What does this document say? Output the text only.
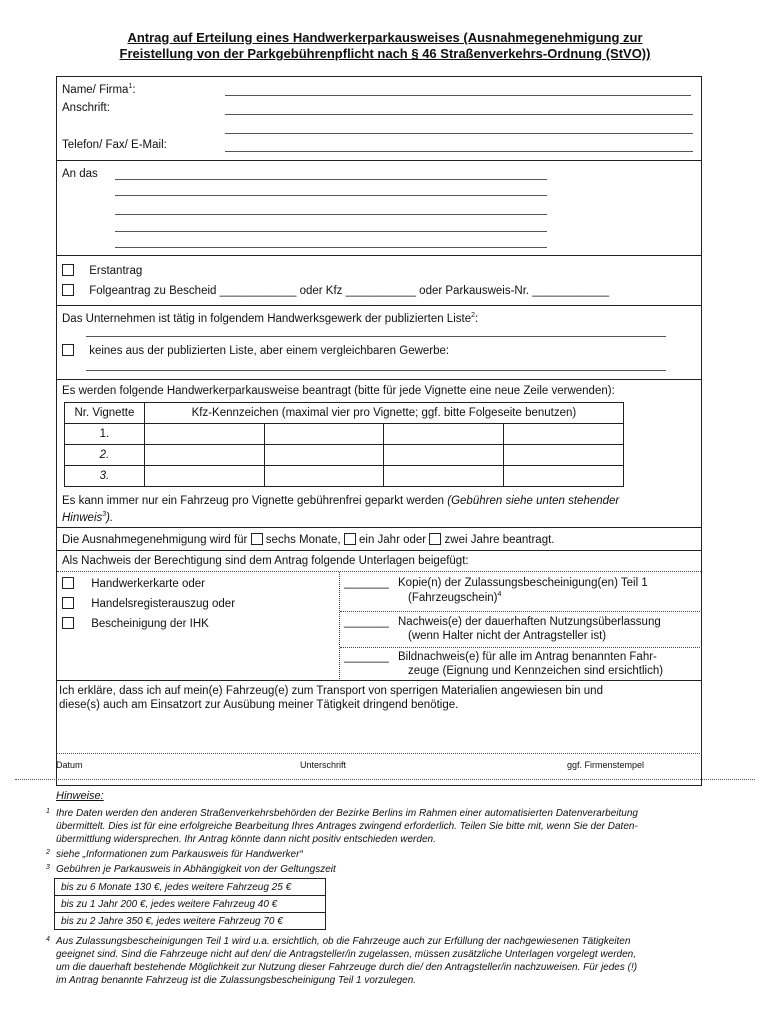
Antrag auf Erteilung eines Handwerkerparkausweises (Ausnahmegenehmigung zur
Freistellung von der Parkgebührenpflicht nach § 46 Straßenverkehrs-Ordnung (StVO))
Name/ Firma$^1$:
Anschrift:
Telefon/ Fax/ E-Mail:
An das
Erstantrag
Folgeantrag zu Bescheid ____________ oder Kfz ___________ oder Parkausweis-Nr. ____________
Das Unternehmen ist tätig in folgendem Handwerksgewerk der publizierten Liste$^2$:
keines aus der publizierten Liste, aber einem vergleichbaren Gewerbe:
Es werden folgende Handwerkerparkausweise beantragt (bitte für jede Vignette eine neue Zeile verwenden):
Nr. Vignette	Kfz-Kennzeichen (maximal vier pro Vignette; ggf. bitte Folgeseite benutzen)			
1.				
2.				
3.				
Es kann immer nur ein Fahrzeug pro Vignette gebührenfrei geparkt werden (Gebühren siehe unten stehender
Hinweis$^3$).
Die Ausnahmegenehmigung wird für sechs Monate, ein Jahr oder zwei Jahre beantragt.
Als Nachweis der Berechtigung sind dem Antrag folgende Unterlagen beigefügt:
Handwerkerkarte oder
Handelsregisterauszug oder
Bescheinigung der IHK
_______ Kopie(n) der Zulassungsbescheinigung(en) Teil 1
(Fahrzeugschein)$^4$
_______ Nachweis(e) der dauerhaften Nutzungsüberlassung
(wenn Halter nicht der Antragsteller ist)
_______ Bildnachweis(e) für alle im Antrag benannten Fahr-
zeuge (Eignung und Kennzeichen sind ersichtlich)
Ich erkläre, dass ich auf mein(e) Fahrzeug(e) zum Transport von sperrigen Materialien angewiesen bin und
diese(s) auch am Einsatzort zur Ausübung meiner Tätigkeit dringend benötige.
Datum	Unterschrift	ggf. Firmenstempel
Hinweise:
1 Ihre Daten werden den anderen Straßenverkehrsbehörden der Bezirke Berlins im Rahmen einer automatisierten Datenverarbeitung
übermittelt. Dies ist für eine erfolgreiche Bearbeitung Ihres Antrages zwingend erforderlich. Teilen Sie bitte mit, wenn Sie der Daten-
übermittlung widersprechen. Ihr Antrag könnte dann nicht positiv entschieden werden.
2 siehe „Informationen zum Parkausweis für Handwerker“
3 Gebühren je Parkausweis in Abhängigkeit von der Geltungszeit
bis zu 6 Monate 130 €, jedes weitere Fahrzeug 25 €
bis zu 1 Jahr 200 €, jedes weitere Fahrzeug 40 €
bis zu 2 Jahre 350 €, jedes weitere Fahrzeug 70 €
4 Aus Zulassungsbescheinigungen Teil 1 wird u.a. ersichtlich, ob die Fahrzeuge auch zur Erfüllung der nachgewiesenen Tätigkeiten
geeignet sind. Sind die Fahrzeuge nicht auf den/ die Antragsteller/in zugelassen, müssen zusätzliche Unterlagen vorgelegt werden,
um die dauerhaft bestehende Möglichkeit zur Nutzung dieser Fahrzeuge durch die/ den Antragsteller/in nachzuweisen. Für jedes (!)
im Antrag benannte Fahrzeug ist die Zulassungsbescheinigung Teil 1 vorzulegen.
